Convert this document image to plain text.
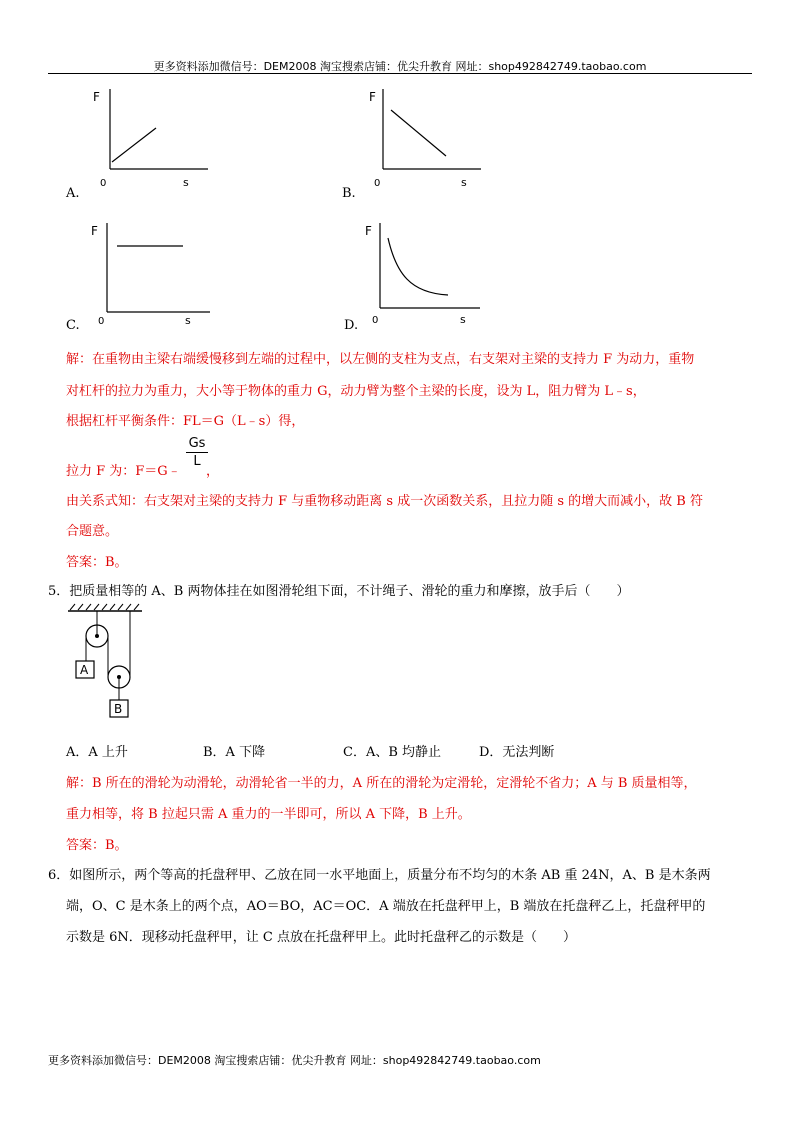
更多资料添加微信号：DEM2008 淘宝搜索店铺：优尖升教育 网址：shop492842749.taobao.com
F
0	s
A.
F
0	s
B.
F
0	s
C.
F
0	s
D.
解：在重物由主梁右端缓慢移到左端的过程中，以左侧的支柱为支点，右支架对主梁的支持力 F 为动力，重物
对杠杆的拉力为重力，大小等于物体的重力 G，动力臂为整个主梁的长度，设为 L，阻力臂为 L﹣s，
根据杠杆平衡条件：FL＝G（L﹣s）得，
拉力 F 为：F＝G﹣
Gs
L
，
由关系式知：右支架对主梁的支持力 F 与重物移动距离 s 成一次函数关系，且拉力随 s 的增大而减小，故 B 符
合题意。
答案：B。
5．把质量相等的 A、B 两物体挂在如图滑轮组下面，不计绳子、滑轮的重力和摩擦，放手后（　　）
A
B
A．A 上升	B．A 下降	C．A、B 均静止	D．无法判断
解：B 所在的滑轮为动滑轮，动滑轮省一半的力，A 所在的滑轮为定滑轮，定滑轮不省力；A 与 B 质量相等，
重力相等，将 B 拉起只需 A 重力的一半即可，所以 A 下降，B 上升。
答案：B。
6．如图所示，两个等高的托盘秤甲、乙放在同一水平地面上，质量分布不均匀的木条 AB 重 24N，A、B 是木条两
端，O、C 是木条上的两个点，AO＝BO，AC＝OC．A 端放在托盘秤甲上，B 端放在托盘秤乙上，托盘秤甲的
示数是 6N．现移动托盘秤甲，让 C 点放在托盘秤甲上。此时托盘秤乙的示数是（　　）
更多资料添加微信号：DEM2008 淘宝搜索店铺：优尖升教育 网址：shop492842749.taobao.com
